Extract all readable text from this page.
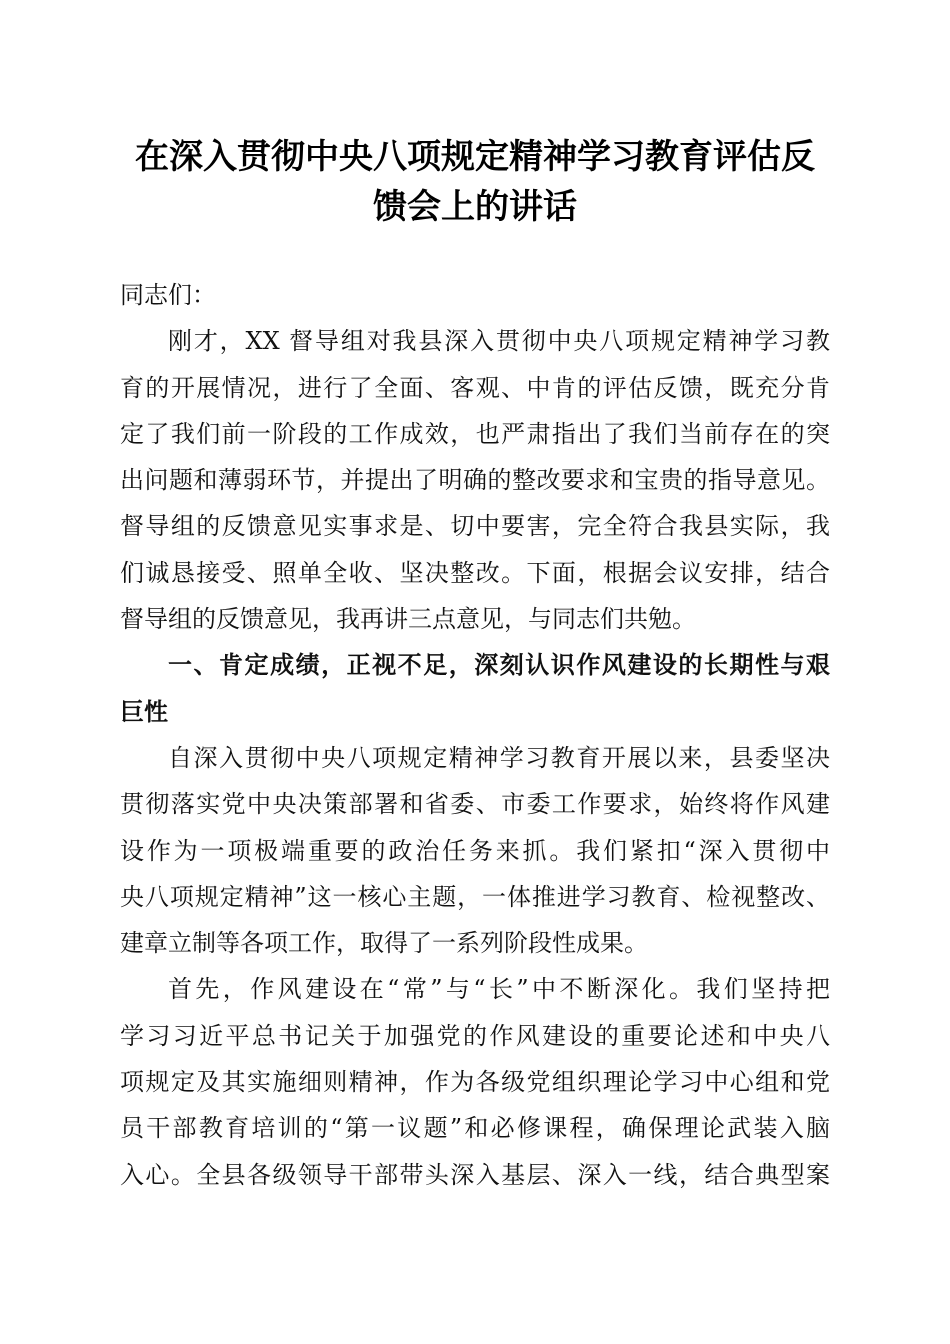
在深入贯彻中央八项规定精神学习教育评估反
馈会上的讲话
同志们：
刚才，XX 督导组对我县深入贯彻中央八项规定精神学习教
育的开展情况，进行了全面、客观、中肯的评估反馈，既充分肯
定了我们前一阶段的工作成效，也严肃指出了我们当前存在的突
出问题和薄弱环节，并提出了明确的整改要求和宝贵的指导意见。
督导组的反馈意见实事求是、切中要害，完全符合我县实际，我
们诚恳接受、照单全收、坚决整改。下面，根据会议安排，结合
督导组的反馈意见，我再讲三点意见，与同志们共勉。
一、肯定成绩，正视不足，深刻认识作风建设的长期性与艰
巨性
自深入贯彻中央八项规定精神学习教育开展以来，县委坚决
贯彻落实党中央决策部署和省委、市委工作要求，始终将作风建
设作为一项极端重要的政治任务来抓。我们紧扣“深入贯彻中
央八项规定精神”这一核心主题，一体推进学习教育、检视整改、
建章立制等各项工作，取得了一系列阶段性成果。
首先，作风建设在“常”与“长”中不断深化。我们坚持把
学习习近平总书记关于加强党的作风建设的重要论述和中央八
项规定及其实施细则精神，作为各级党组织理论学习中心组和党
员干部教育培训的“第一议题”和必修课程，确保理论武装入脑
入心。全县各级领导干部带头深入基层、深入一线，结合典型案
